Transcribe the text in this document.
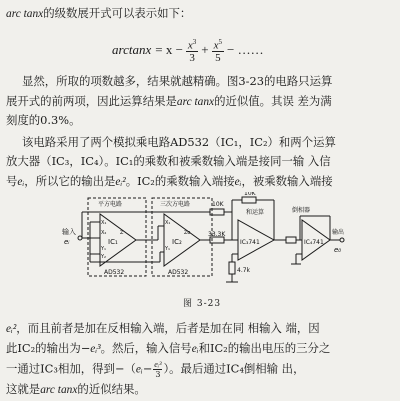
arc tanx的级数展开式可以表示如下：
$\arctan x = x - \frac{x^3}{3} + \frac{x^5}{5}$ − ……
显然，所取的项数越多，结果就越精确。图3-23的电路只运算
展开式的前两项，因此运算结果是arc tanx的近似值。其误 差为满
刻度的0.3%。
该电路采用了两个模拟乘电路AD532（IC₁，IC₂）和两个运算
放大器（IC₃，IC₄）。IC₁的乘数和被乘数输入端是接同一输 入信
号eᵢ，所以它的输出是eᵢ²。IC₂的乘数输入端接eᵢ，被乘数输入端接
平方电路	三次方电路
输入
eᵢ
X₁
X₂
Y₁
Y₂
Z
IC₁
AD532
X₁
Y₁
Zo
IC₂
AD532
33.3K
10K
10K
IC₃741
和运算
4.7k
IC₄741
倒相器
输出
e₀
图 3-23
eᵢ²，而且前者是加在反相输入端，后者是加在同 相输入 端，因
此IC₂的输出为−eᵢ³。然后，输入信号eᵢ和IC₂的输出电压的三分之
一通过IC₃相加，得到−（eᵢ− $\frac{\text{eᵢ³}}{3}$ ）。最后通过IC₄倒相输 出，
这就是arc tanx的近似结果。
